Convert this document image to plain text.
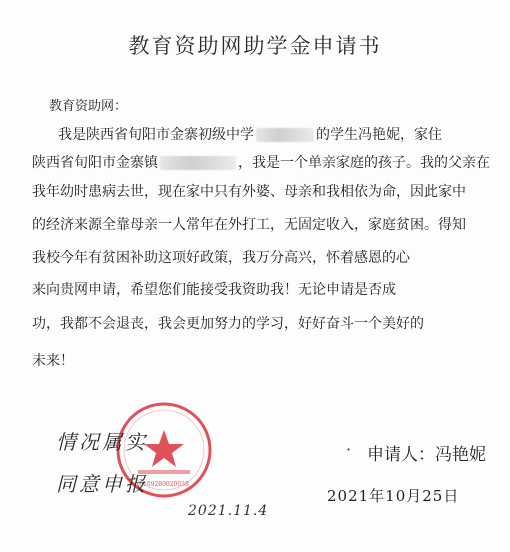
教育资助网助学金申请书
教育资助网：
我是陕西省旬阳市金寨初级中学	的学生冯艳妮，家住
陕西省旬阳市金寨镇	，我是一个单亲家庭的孩子。我的父亲在
我年幼时患病去世，现在家中只有外婆、母亲和我相依为命，因此家中
的经济来源全靠母亲一人常年在外打工，无固定收入，家庭贫困。得知
我校今年有贫困补助这项好政策，我万分高兴，怀着感恩的心
来向贵网申请，希望您们能接受我资助我！无论申请是否成
功，我都不会退丧，我会更加努力的学习，好好奋斗一个美好的
未来！
6109280020038
情况属实
同意申报
2021.11.4
· 申请人：冯艳妮
2021年10月25日
